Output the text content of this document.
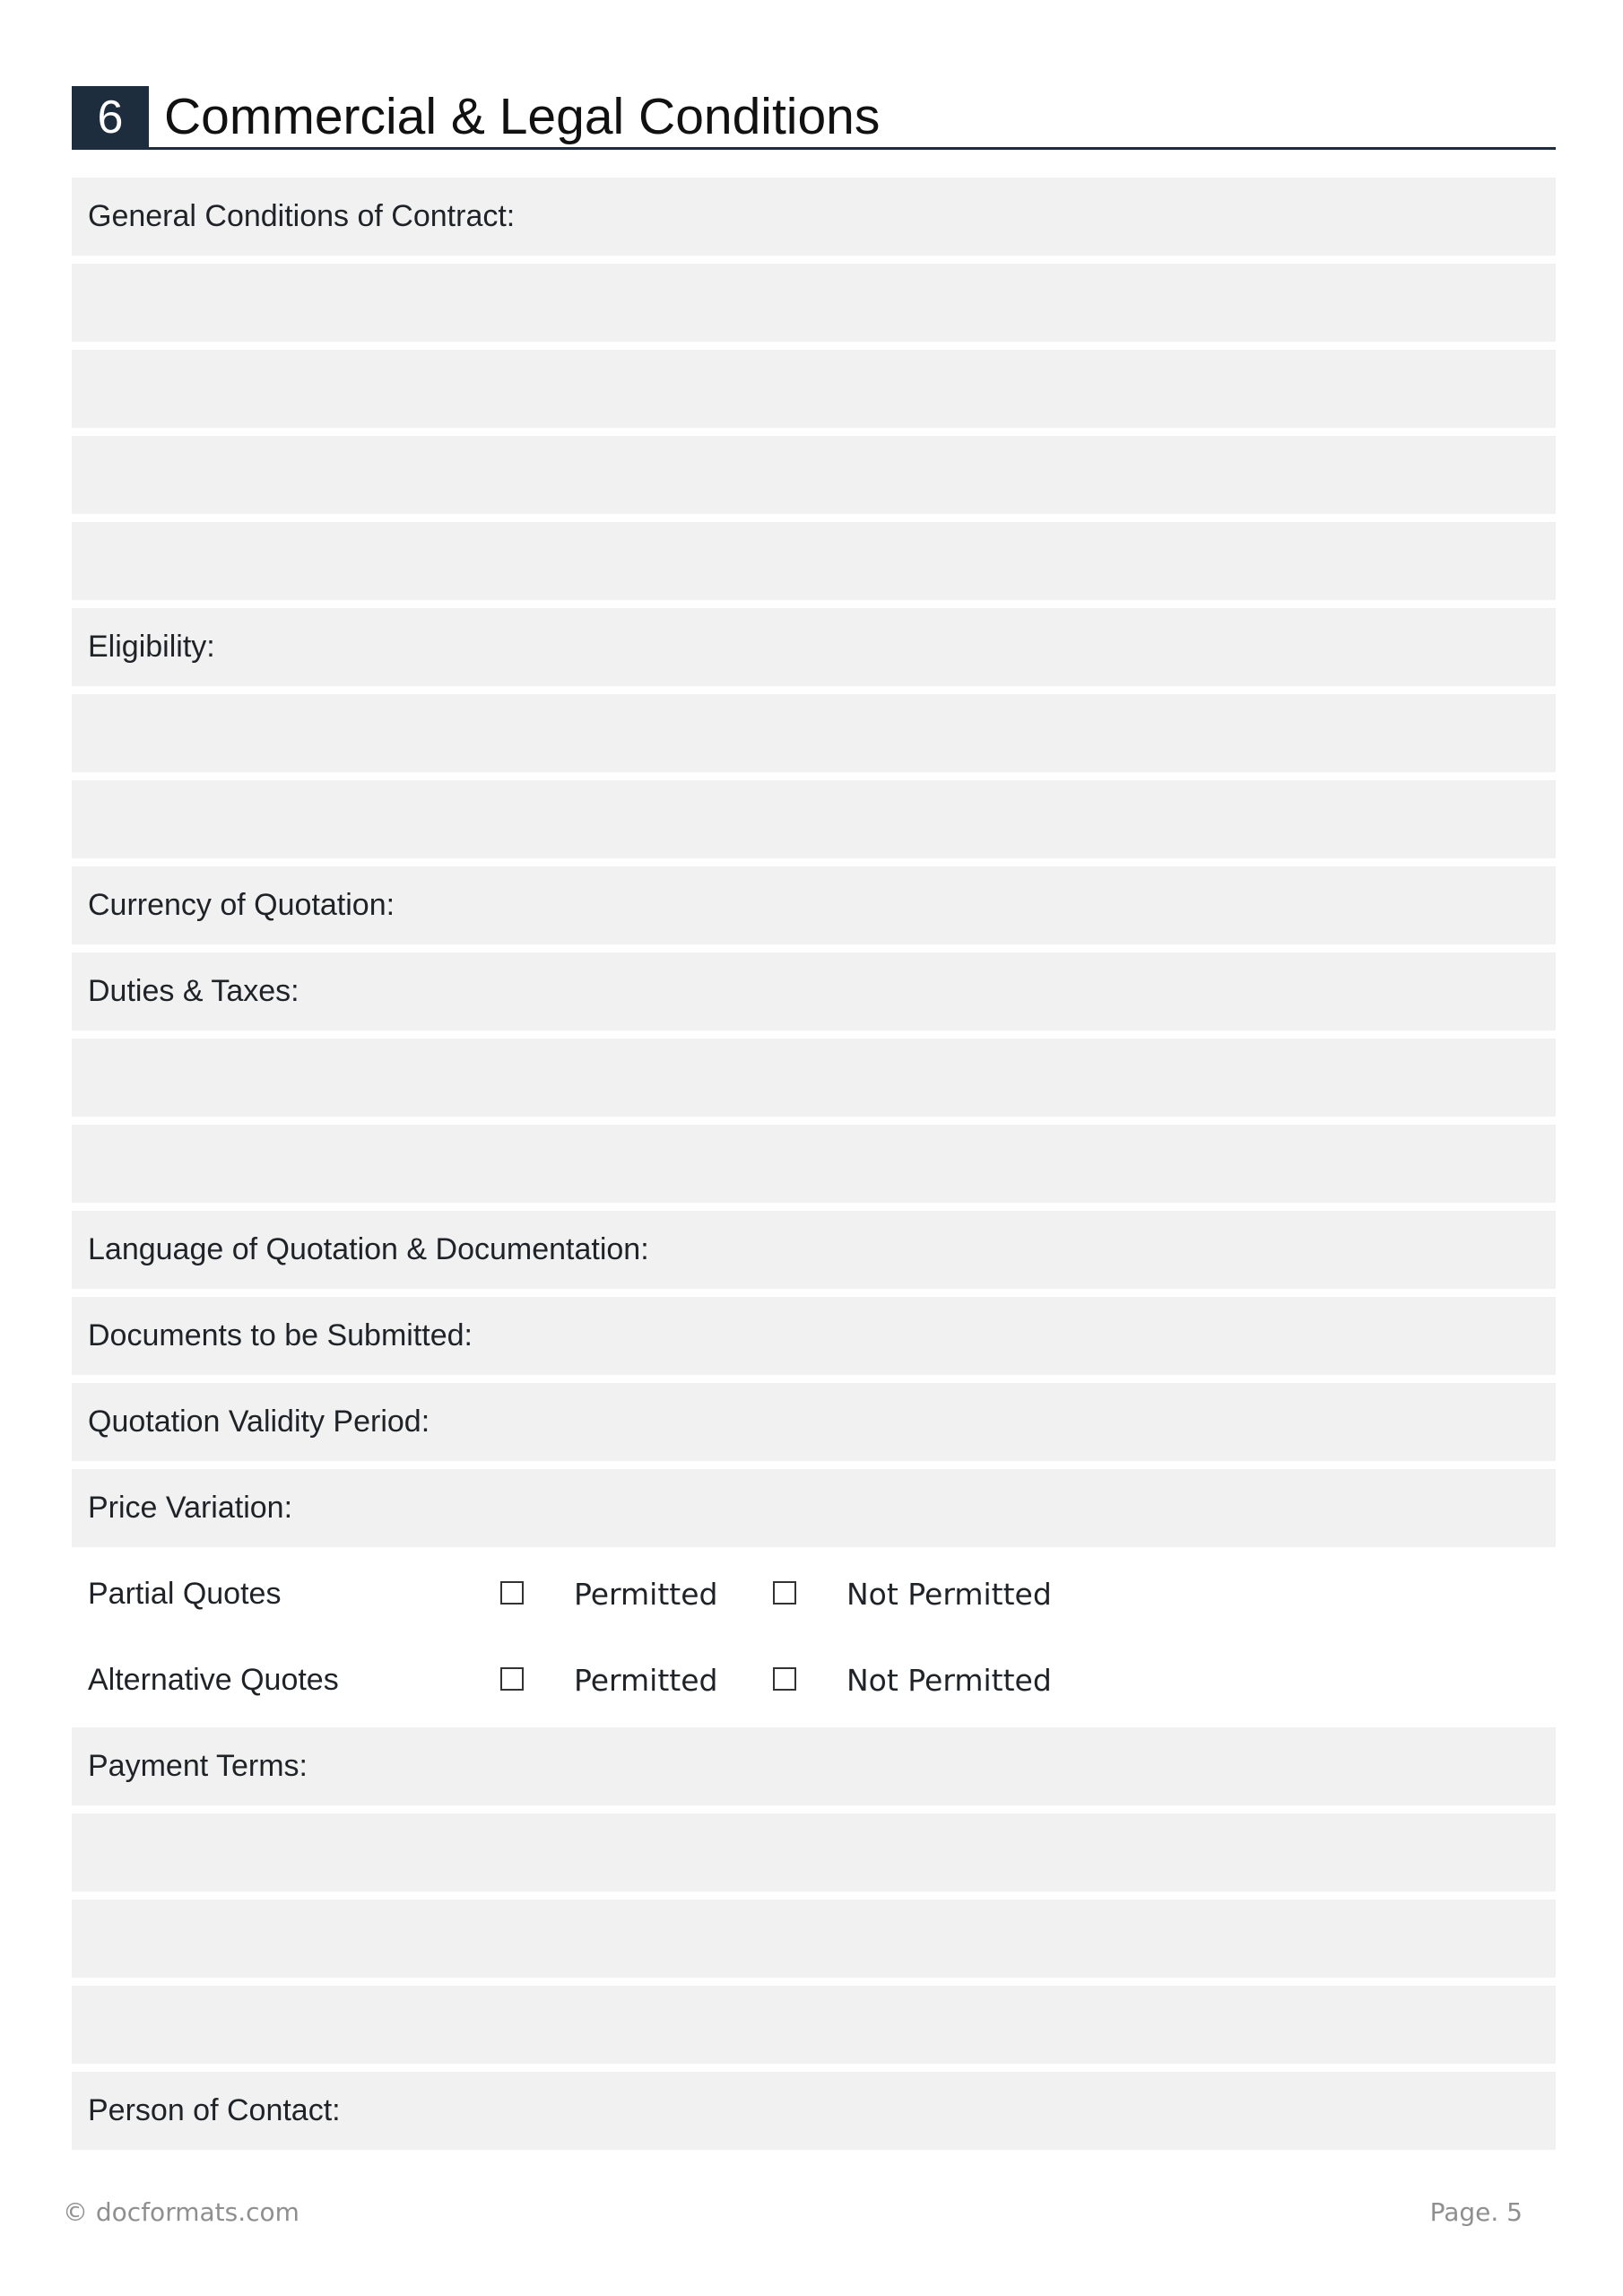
6 Commercial & Legal Conditions
General Conditions of Contract:
Eligibility:
Currency of Quotation:
Duties & Taxes:
Language of Quotation & Documentation:
Documents to be Submitted:
Quotation Validity Period:
Price Variation:
Partial Quotes	Permitted	Not Permitted
Alternative Quotes	Permitted	Not Permitted
Payment Terms:
Person of Contact:
© docformats.com	Page. 5
